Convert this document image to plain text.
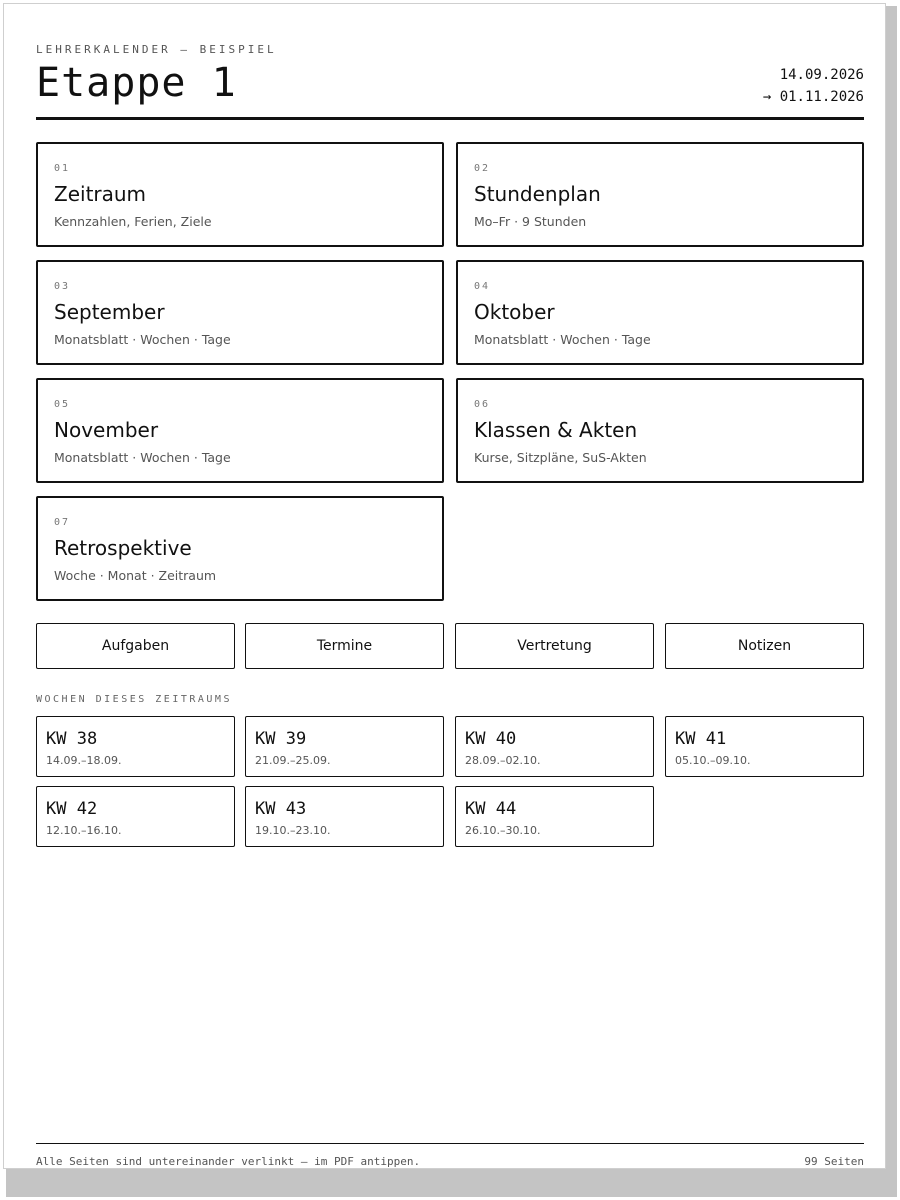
LEHRERKALENDER — BEISPIEL
Etappe 1	14.09.2026
→ 01.11.2026
01
Zeitraum
Kennzahlen, Ferien, Ziele
02
Stundenplan
Mo–Fr · 9 Stunden
03
September
Monatsblatt · Wochen · Tage
04
Oktober
Monatsblatt · Wochen · Tage
05
November
Monatsblatt · Wochen · Tage
06
Klassen & Akten
Kurse, Sitzpläne, SuS-Akten
07
Retrospektive
Woche · Monat · Zeitraum
Aufgaben	Termine	Vertretung	Notizen
WOCHEN DIESES ZEITRAUMS
KW 38
14.09.–18.09.
KW 39
21.09.–25.09.
KW 40
28.09.–02.10.
KW 41
05.10.–09.10.
KW 42
12.10.–16.10.
KW 43
19.10.–23.10.
KW 44
26.10.–30.10.
Alle Seiten sind untereinander verlinkt — im PDF antippen.	99 Seiten
